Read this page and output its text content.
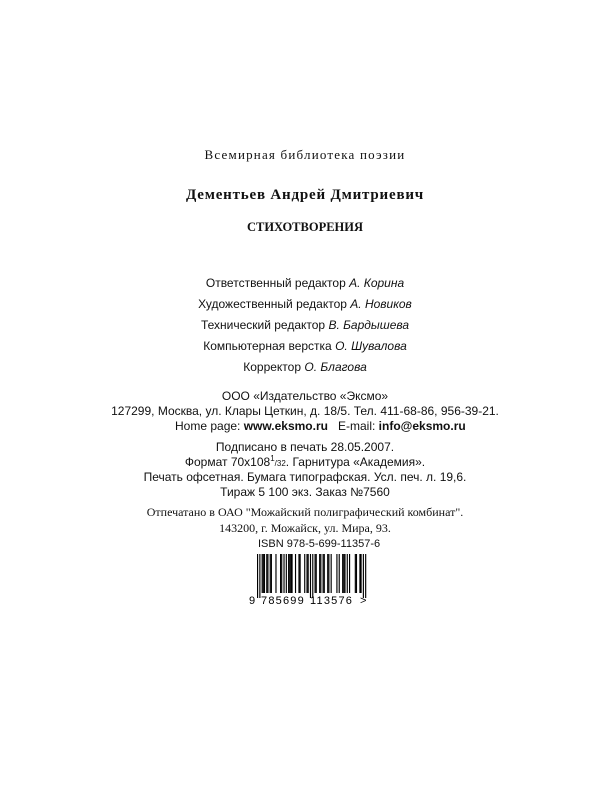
Всемирная библиотека поэзии
Дементьев Андрей Дмитриевич
СТИХОТВОРЕНИЯ
Ответственный редактор А. Корина
Художественный редактор А. Новиков
Технический редактор В. Бардышева
Компьютерная верстка О. Шувалова
Корректор О. Благова
ООО «Издательство «Эксмо»
127299, Москва, ул. Клары Цеткин, д. 18/5. Тел. 411-68-86, 956-39-21.
Home page: www.eksmo.ru E-mail: info@eksmo.ru
Подписано в печать 28.05.2007.
Формат $70x108^1/32$. Гарнитура «Академия».
Печать офсетная. Бумага типографская. Усл. печ. л. 19,6.
Тираж 5 100 экз. Заказ №7560
Отпечатано в ОАО "Можайский полиграфический комбинат".
143200, г. Можайск, ул. Мира, 93.
ISBN 978-5-699-11357-6
9 785699 113576 >
